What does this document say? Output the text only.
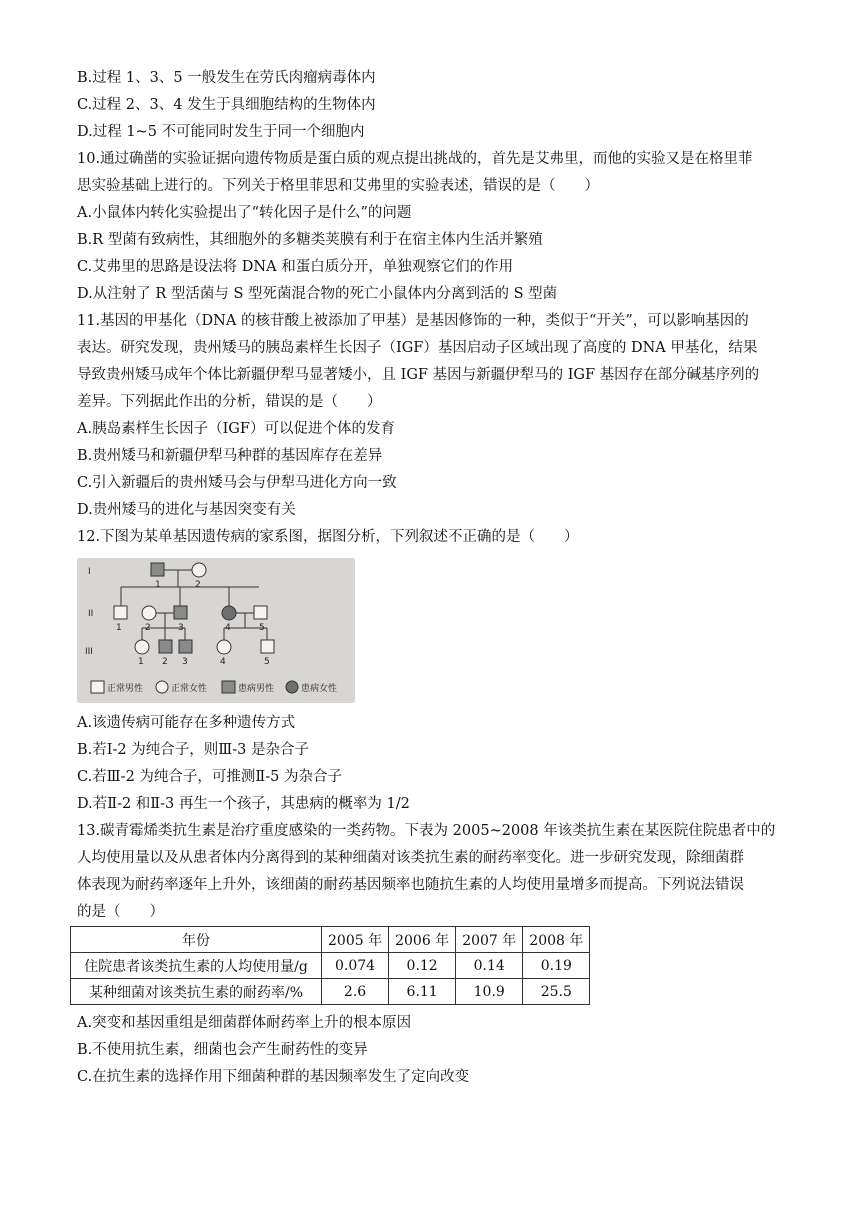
B.过程 1、3、5 一般发生在劳氏肉瘤病毒体内
C.过程 2、3、4 发生于具细胞结构的生物体内
D.过程 1~5 不可能同时发生于同一个细胞内
10.通过确凿的实验证据向遗传物质是蛋白质的观点提出挑战的，首先是艾弗里，而他的实验又是在格里菲
思实验基础上进行的。下列关于格里菲思和艾弗里的实验表述，错误的是（　　）
A.小鼠体内转化实验提出了“转化因子是什么”的问题
B.R 型菌有致病性，其细胞外的多糖类荚膜有利于在宿主体内生活并繁殖
C.艾弗里的思路是设法将 DNA 和蛋白质分开，单独观察它们的作用
D.从注射了 R 型活菌与 S 型死菌混合物的死亡小鼠体内分离到活的 S 型菌
11.基因的甲基化（DNA 的核苷酸上被添加了甲基）是基因修饰的一种，类似于“开关”，可以影响基因的
表达。研究发现，贵州矮马的胰岛素样生长因子（IGF）基因启动子区域出现了高度的 DNA 甲基化，结果
导致贵州矮马成年个体比新疆伊犁马显著矮小，且 IGF 基因与新疆伊犁马的 IGF 基因存在部分碱基序列的
差异。下列据此作出的分析，错误的是（　　）
A.胰岛素样生长因子（IGF）可以促进个体的发育
B.贵州矮马和新疆伊犁马种群的基因库存在差异
C.引入新疆后的贵州矮马会与伊犁马进化方向一致
D.贵州矮马的进化与基因突变有关
12.下图为某单基因遗传病的家系图，据图分析，下列叙述不正确的是（　　）
I
II
III
1	2
1	2	3	4	5
1 2 3	4	5
正常男性	正常女性	患病男性	患病女性
A.该遗传病可能存在多种遗传方式
B.若Ⅰ-2 为纯合子，则Ⅲ-3 是杂合子
C.若Ⅲ-2 为纯合子，可推测Ⅱ-5 为杂合子
D.若Ⅱ-2 和Ⅱ-3 再生一个孩子，其患病的概率为 1/2
13.碳青霉烯类抗生素是治疗重度感染的一类药物。下表为 2005~2008 年该类抗生素在某医院住院患者中的
人均使用量以及从患者体内分离得到的某种细菌对该类抗生素的耐药率变化。进一步研究发现，除细菌群
体表现为耐药率逐年上升外，该细菌的耐药基因频率也随抗生素的人均使用量增多而提高。下列说法错误
的是（　　）
年份	2005 年	2006 年	2007 年	2008 年
住院患者该类抗生素的人均使用量/g	0.074	0.12	0.14	0.19
某种细菌对该类抗生素的耐药率/%	2.6	6.11	10.9	25.5
A.突变和基因重组是细菌群体耐药率上升的根本原因
B.不使用抗生素，细菌也会产生耐药性的变异
C.在抗生素的选择作用下细菌种群的基因频率发生了定向改变
